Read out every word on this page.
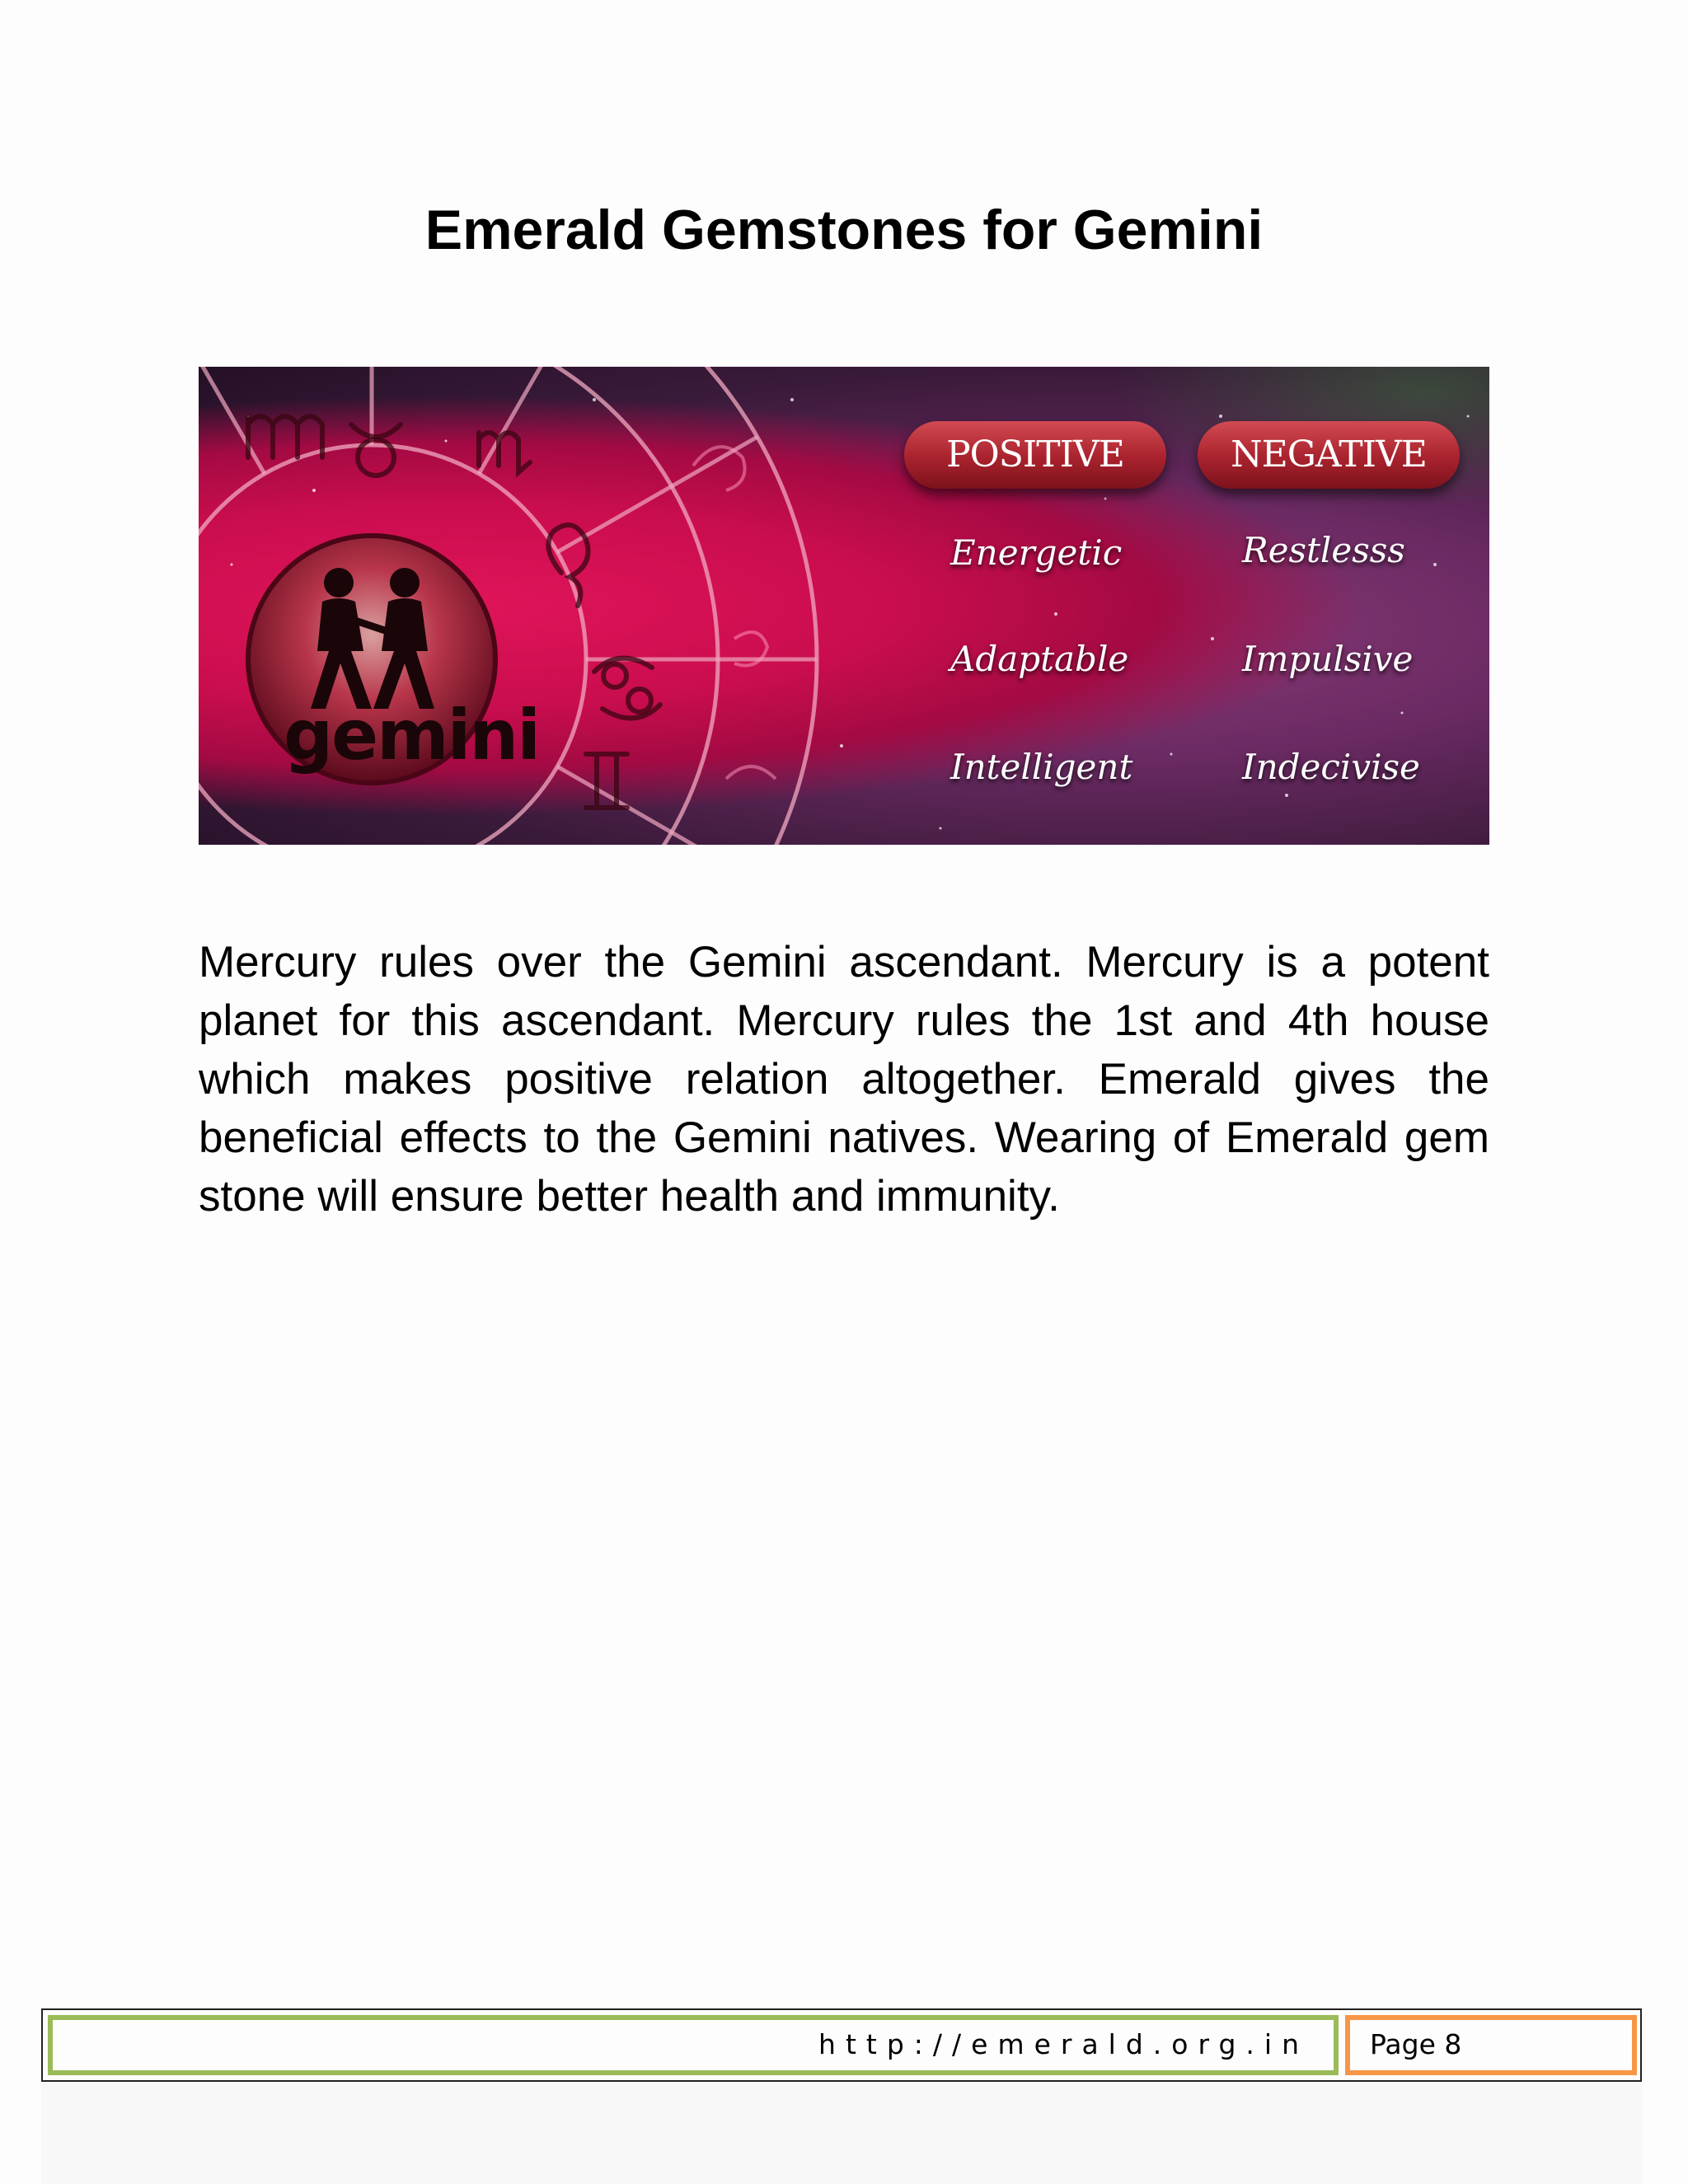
Emerald Gemstones for Gemini
gemini
POSITIVE	NEGATIVE
Energetic
Adaptable
Intelligent
Restlesss
Impulsive
Indecivise

Mercury rules over the Gemini ascendant. Mercury is a potent planet for this ascendant. Mercury rules the 1st and 4th house which makes positive relation altogether. Emerald gives the beneficial effects to the Gemini natives. Wearing of Emerald gem stone will ensure better health and immunity.

http://emerald.org.in	Page 8
